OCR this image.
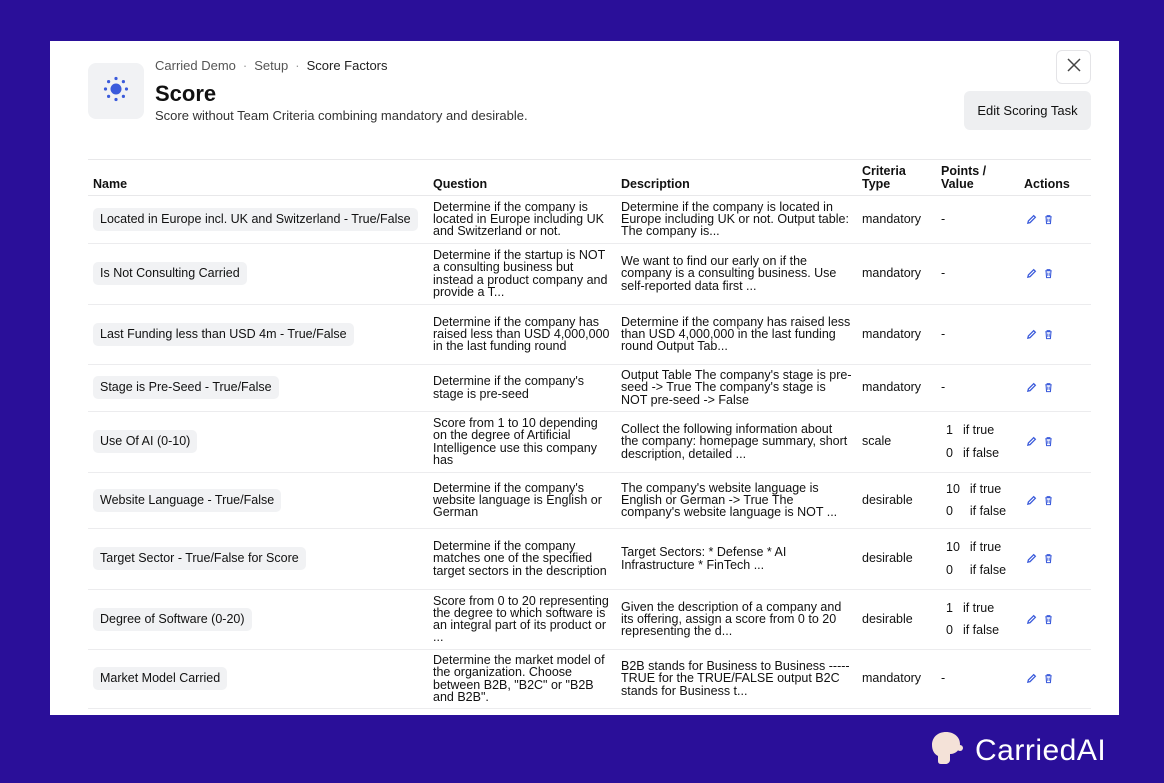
Carried Demo · Setup · Score Factors
Score
Score without Team Criteria combining mandatory and desirable.	Edit Scoring Task
Name	Question	Description	Criteria Type	Points / Value	Actions
Located in Europe incl. UK and Switzerland - True/False	Determine if the company is located in Europe including UK and Switzerland or not.	Determine if the company is located in Europe including UK or not. Output table: The company is...	mandatory	-	

Is Not Consulting Carried	Determine if the startup is NOT a consulting business but instead a product company and provide a T...	We want to find our early on if the company is a consulting business. Use self-reported data first ...	mandatory	-	

Last Funding less than USD 4m - True/False	Determine if the company has raised less than USD 4,000,000 in the last funding round	Determine if the company has raised less than USD 4,000,000 in the last funding round Output Tab...	mandatory	-	

Stage is Pre-Seed - True/False	Determine if the company's stage is pre-seed	Output Table The company's stage is pre-seed -> True The company's stage is NOT pre-seed -> False	mandatory	-	

Use Of AI (0-10)	Score from 1 to 10 depending on the degree of Artificial Intelligence use this company has	Collect the following information about the company: homepage summary, short description, detailed ...	scale	1 if true
0 if false

Website Language - True/False	Determine if the company's website language is English or German	The company's website language is English or German -> True The company's website language is NOT ...	desirable	10 if true
0 if false

Target Sector - True/False for Score	Determine if the company matches one of the specified target sectors in the description	Target Sectors: * Defense * AI Infrastructure * FinTech ...	desirable	10 if true
0 if false

Degree of Software (0-20)	Score from 0 to 20 representing the degree to which software is an integral part of its product or ...	Given the description of a company and its offering, assign a score from 0 to 20 representing the d...	desirable	1 if true
0 if false

Market Model Carried	Determine the market model of the organization. Choose between B2B, "B2C" or "B2B and B2B".	B2B stands for Business to Business ----- TRUE for the TRUE/FALSE output B2C stands for Business t...	mandatory	-	
CarriedAI
